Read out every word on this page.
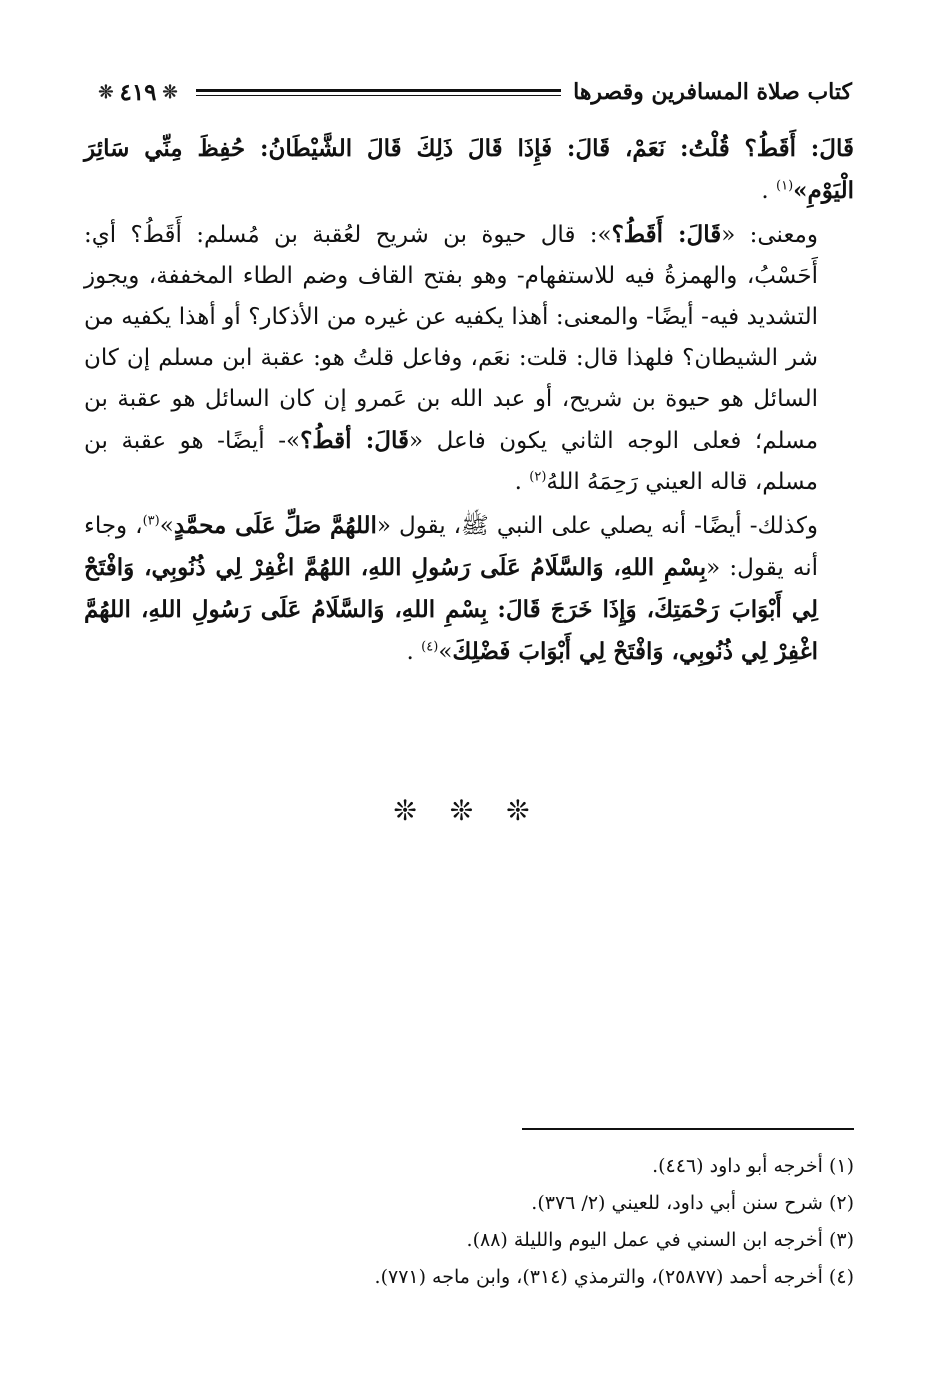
❊ ٤١٩ ❊	كتاب صلاة المسافرين وقصرها

قَالَ: أَقَطُ؟ قُلْتُ: نَعَمْ، قَالَ: فَإِذَا قَالَ ذَلِكَ قَالَ الشَّيْطَانُ: حُفِظَ مِنِّي سَائِرَ الْيَوْمِ»$^{(١)}$ .

ومعنى: «قَالَ: أَقَطُ؟»: قال حيوة بن شريح لعُقبة بن مُسلم: أَقَطُ؟ أي: أَحَسْبُ، والهمزةُ فيه للاستفهام- وهو بفتح القاف وضم الطاء المخففة، ويجوز التشديد فيه- أيضًا- والمعنى: أهذا يكفيه عن غيره من الأذكار؟ أو أهذا يكفيه من شر الشيطان؟ فلهذا قال: قلت: نعَم، وفاعل قلتُ هو: عقبة ابن مسلم إن كان السائل هو حيوة بن شريح، أو عبد الله بن عَمرو إن كان السائل هو عقبة بن مسلم؛ فعلى الوجه الثاني يكون فاعل «قَالَ: أقطُ؟»- أيضًا- هو عقبة بن مسلم، قاله العيني رَحِمَهُ اللهُ$^{(٢)}$ .

وكذلك- أيضًا- أنه يصلي على النبي ﷺ، يقول «اللهُمَّ صَلِّ عَلَى محمَّدٍ»$^{(٣)}$، وجاء أنه يقول: «بِسْمِ اللهِ، وَالسَّلَامُ عَلَى رَسُولِ اللهِ، اللهُمَّ اغْفِرْ لِي ذُنُوبِي، وَافْتَحْ لِي أَبْوَابَ رَحْمَتِكَ، وَإِذَا خَرَجَ قَالَ: بِسْمِ اللهِ، وَالسَّلَامُ عَلَى رَسُولِ اللهِ، اللهُمَّ اغْفِرْ لِي ذُنُوبِي، وَافْتَحْ لِي أَبْوَابَ فَضْلِكَ»$^{(٤)}$ .

❊ ❊ ❊
(١) أخرجه أبو داود (٤٤٦).
(٢) شرح سنن أبي داود، للعيني (٢/ ٣٧٦).
(٣) أخرجه ابن السني في عمل اليوم والليلة (٨٨).
(٤) أخرجه أحمد (٢٥٨٧٧)، والترمذي (٣١٤)، وابن ماجه (٧٧١).
